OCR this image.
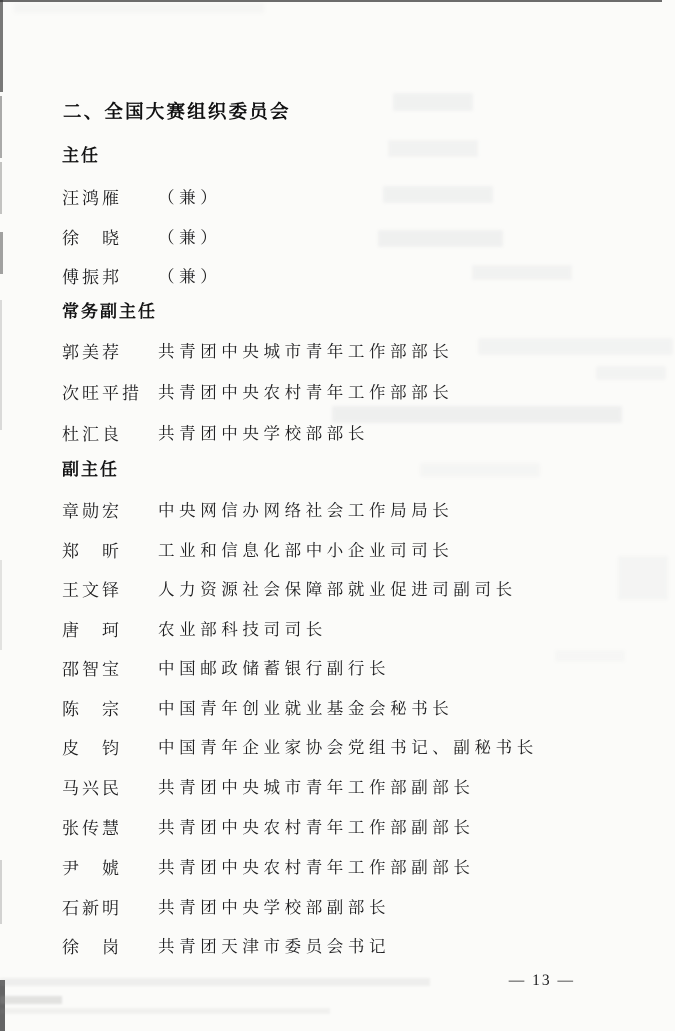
二、全国大赛组织委员会
主任
汪鸿雁	（兼）
徐　晓	（兼）
傅振邦	（兼）
常务副主任
郭美荐	共青团中央城市青年工作部部长
次旺平措 共青团中央农村青年工作部部长
杜汇良	共青团中央学校部部长
副主任
章勋宏	中央网信办网络社会工作局局长
郑　昕	工业和信息化部中小企业司司长
王文铎	人力资源社会保障部就业促进司副司长
唐　珂	农业部科技司司长
邵智宝	中国邮政储蓄银行副行长
陈　宗	中国青年创业就业基金会秘书长
皮　钧	中国青年企业家协会党组书记、副秘书长
马兴民	共青团中央城市青年工作部副部长
张传慧	共青团中央农村青年工作部副部长
尹　婋	共青团中央农村青年工作部副部长
石新明	共青团中央学校部副部长
徐　岗	共青团天津市委员会书记
— 13 —
